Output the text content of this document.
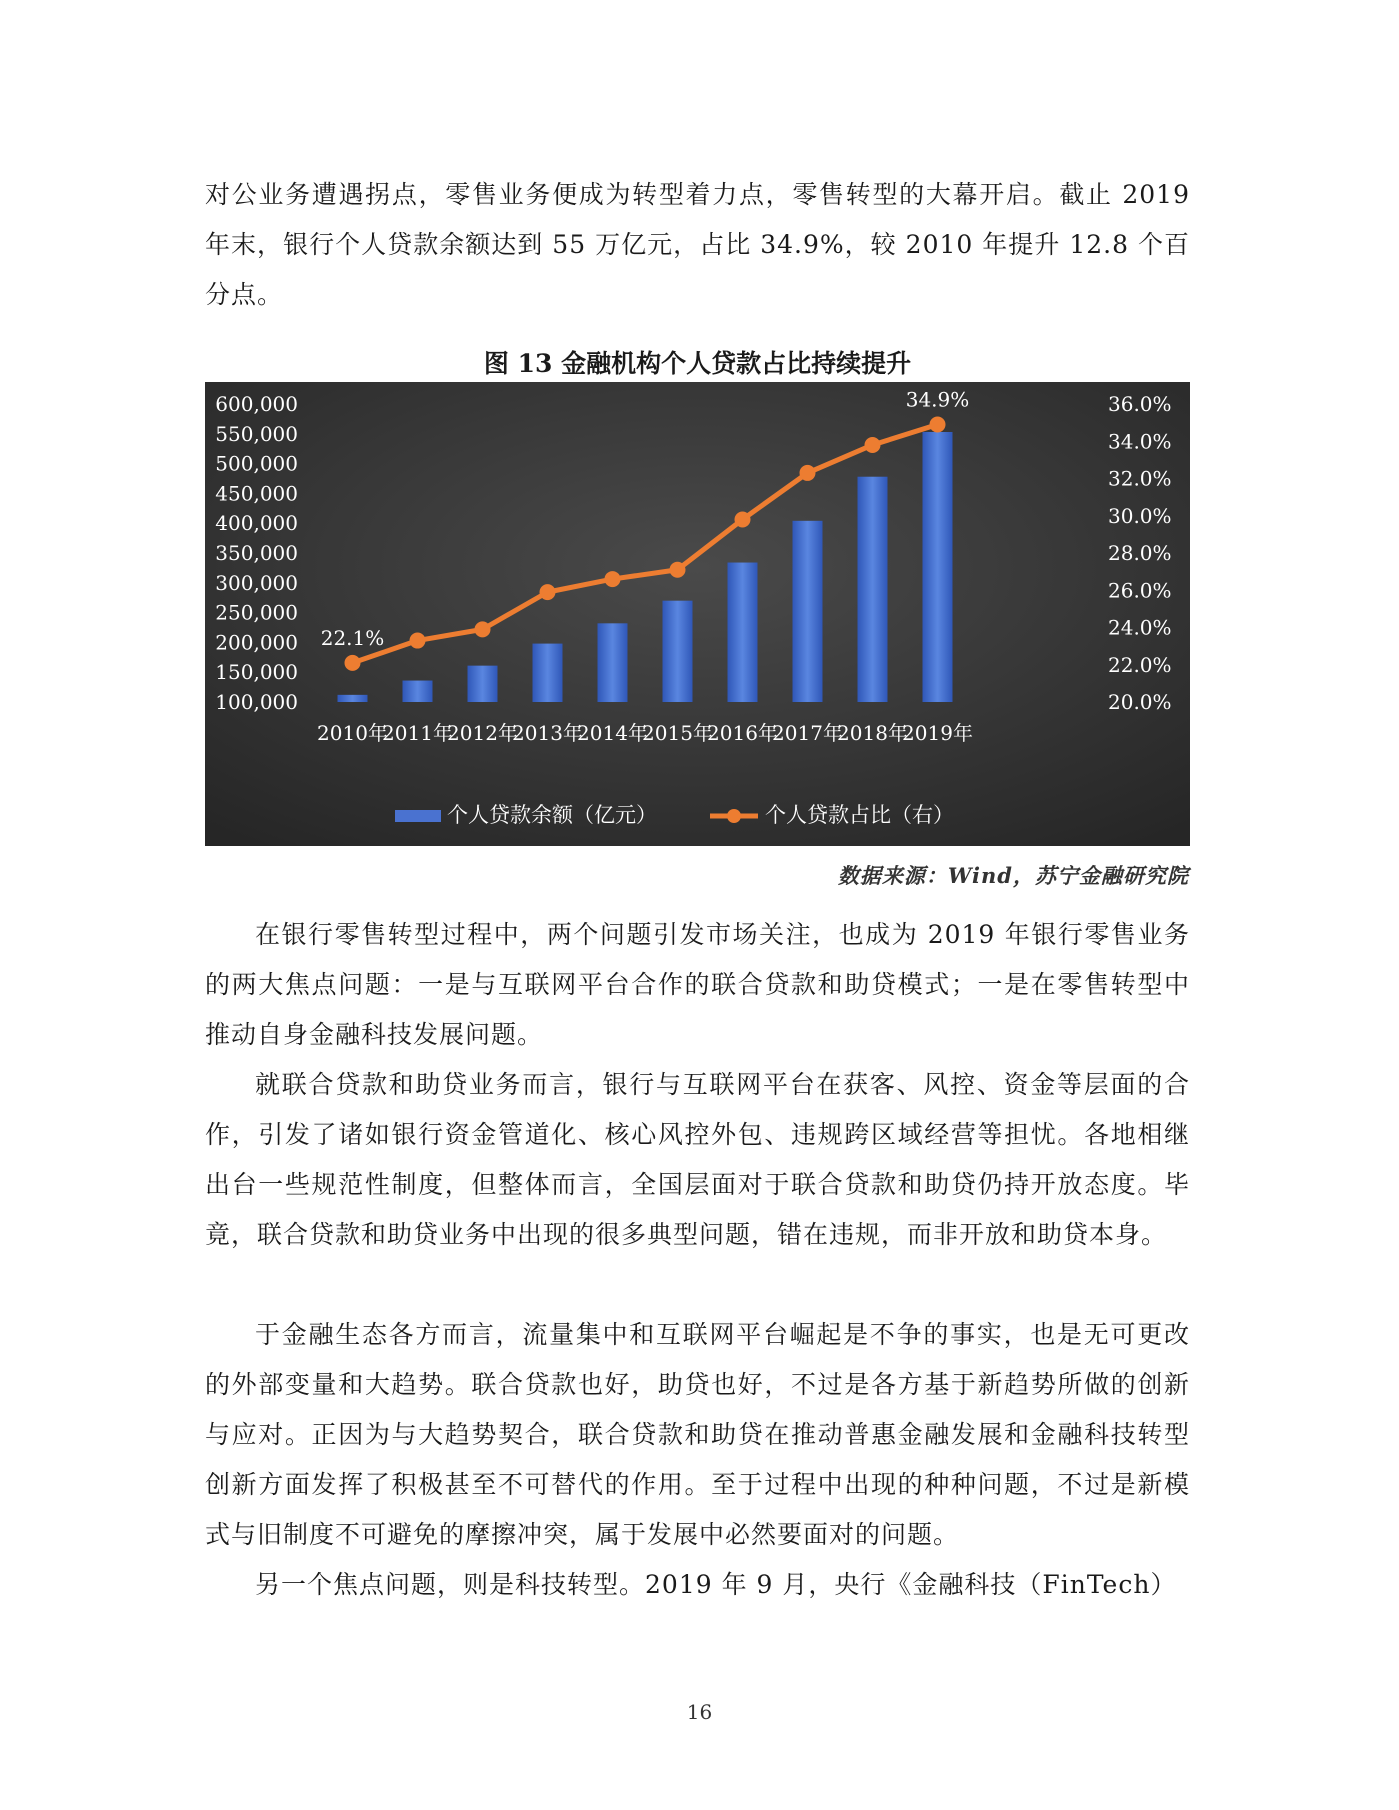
对公业务遭遇拐点，零售业务便成为转型着力点，零售转型的大幕开启。截止 2019 年末，银行个人贷款余额达到 55 万亿元，占比 34.9%，较 2010 年提升 12.8 个百分点。

图 13 金融机构个人贷款占比持续提升

100,000
150,000
200,000
250,000
300,000
350,000
400,000
450,000
500,000
550,000
600,000
20.0%
22.0%
24.0%
26.0%
28.0%
30.0%
32.0%
34.0%
36.0%
2010年
2011年
2012年
2013年
2014年
2015年
2016年
2017年
2018年
2019年
22.1%
34.9%
个人贷款余额（亿元）	个人贷款占比（右）
数据来源：Wind，苏宁金融研究院

在银行零售转型过程中，两个问题引发市场关注，也成为 2019 年银行零售业务的两大焦点问题：一是与互联网平台合作的联合贷款和助贷模式；一是在零售转型中推动自身金融科技发展问题。

就联合贷款和助贷业务而言，银行与互联网平台在获客、风控、资金等层面的合作，引发了诸如银行资金管道化、核心风控外包、违规跨区域经营等担忧。各地相继出台一些规范性制度，但整体而言，全国层面对于联合贷款和助贷仍持开放态度。毕竟，联合贷款和助贷业务中出现的很多典型问题，错在违规，而非开放和助贷本身。

于金融生态各方而言，流量集中和互联网平台崛起是不争的事实，也是无可更改的外部变量和大趋势。联合贷款也好，助贷也好，不过是各方基于新趋势所做的创新与应对。正因为与大趋势契合，联合贷款和助贷在推动普惠金融发展和金融科技转型创新方面发挥了积极甚至不可替代的作用。至于过程中出现的种种问题，不过是新模式与旧制度不可避免的摩擦冲突，属于发展中必然要面对的问题。

另一个焦点问题，则是科技转型。2019 年 9 月，央行《金融科技（FinTech）

16
